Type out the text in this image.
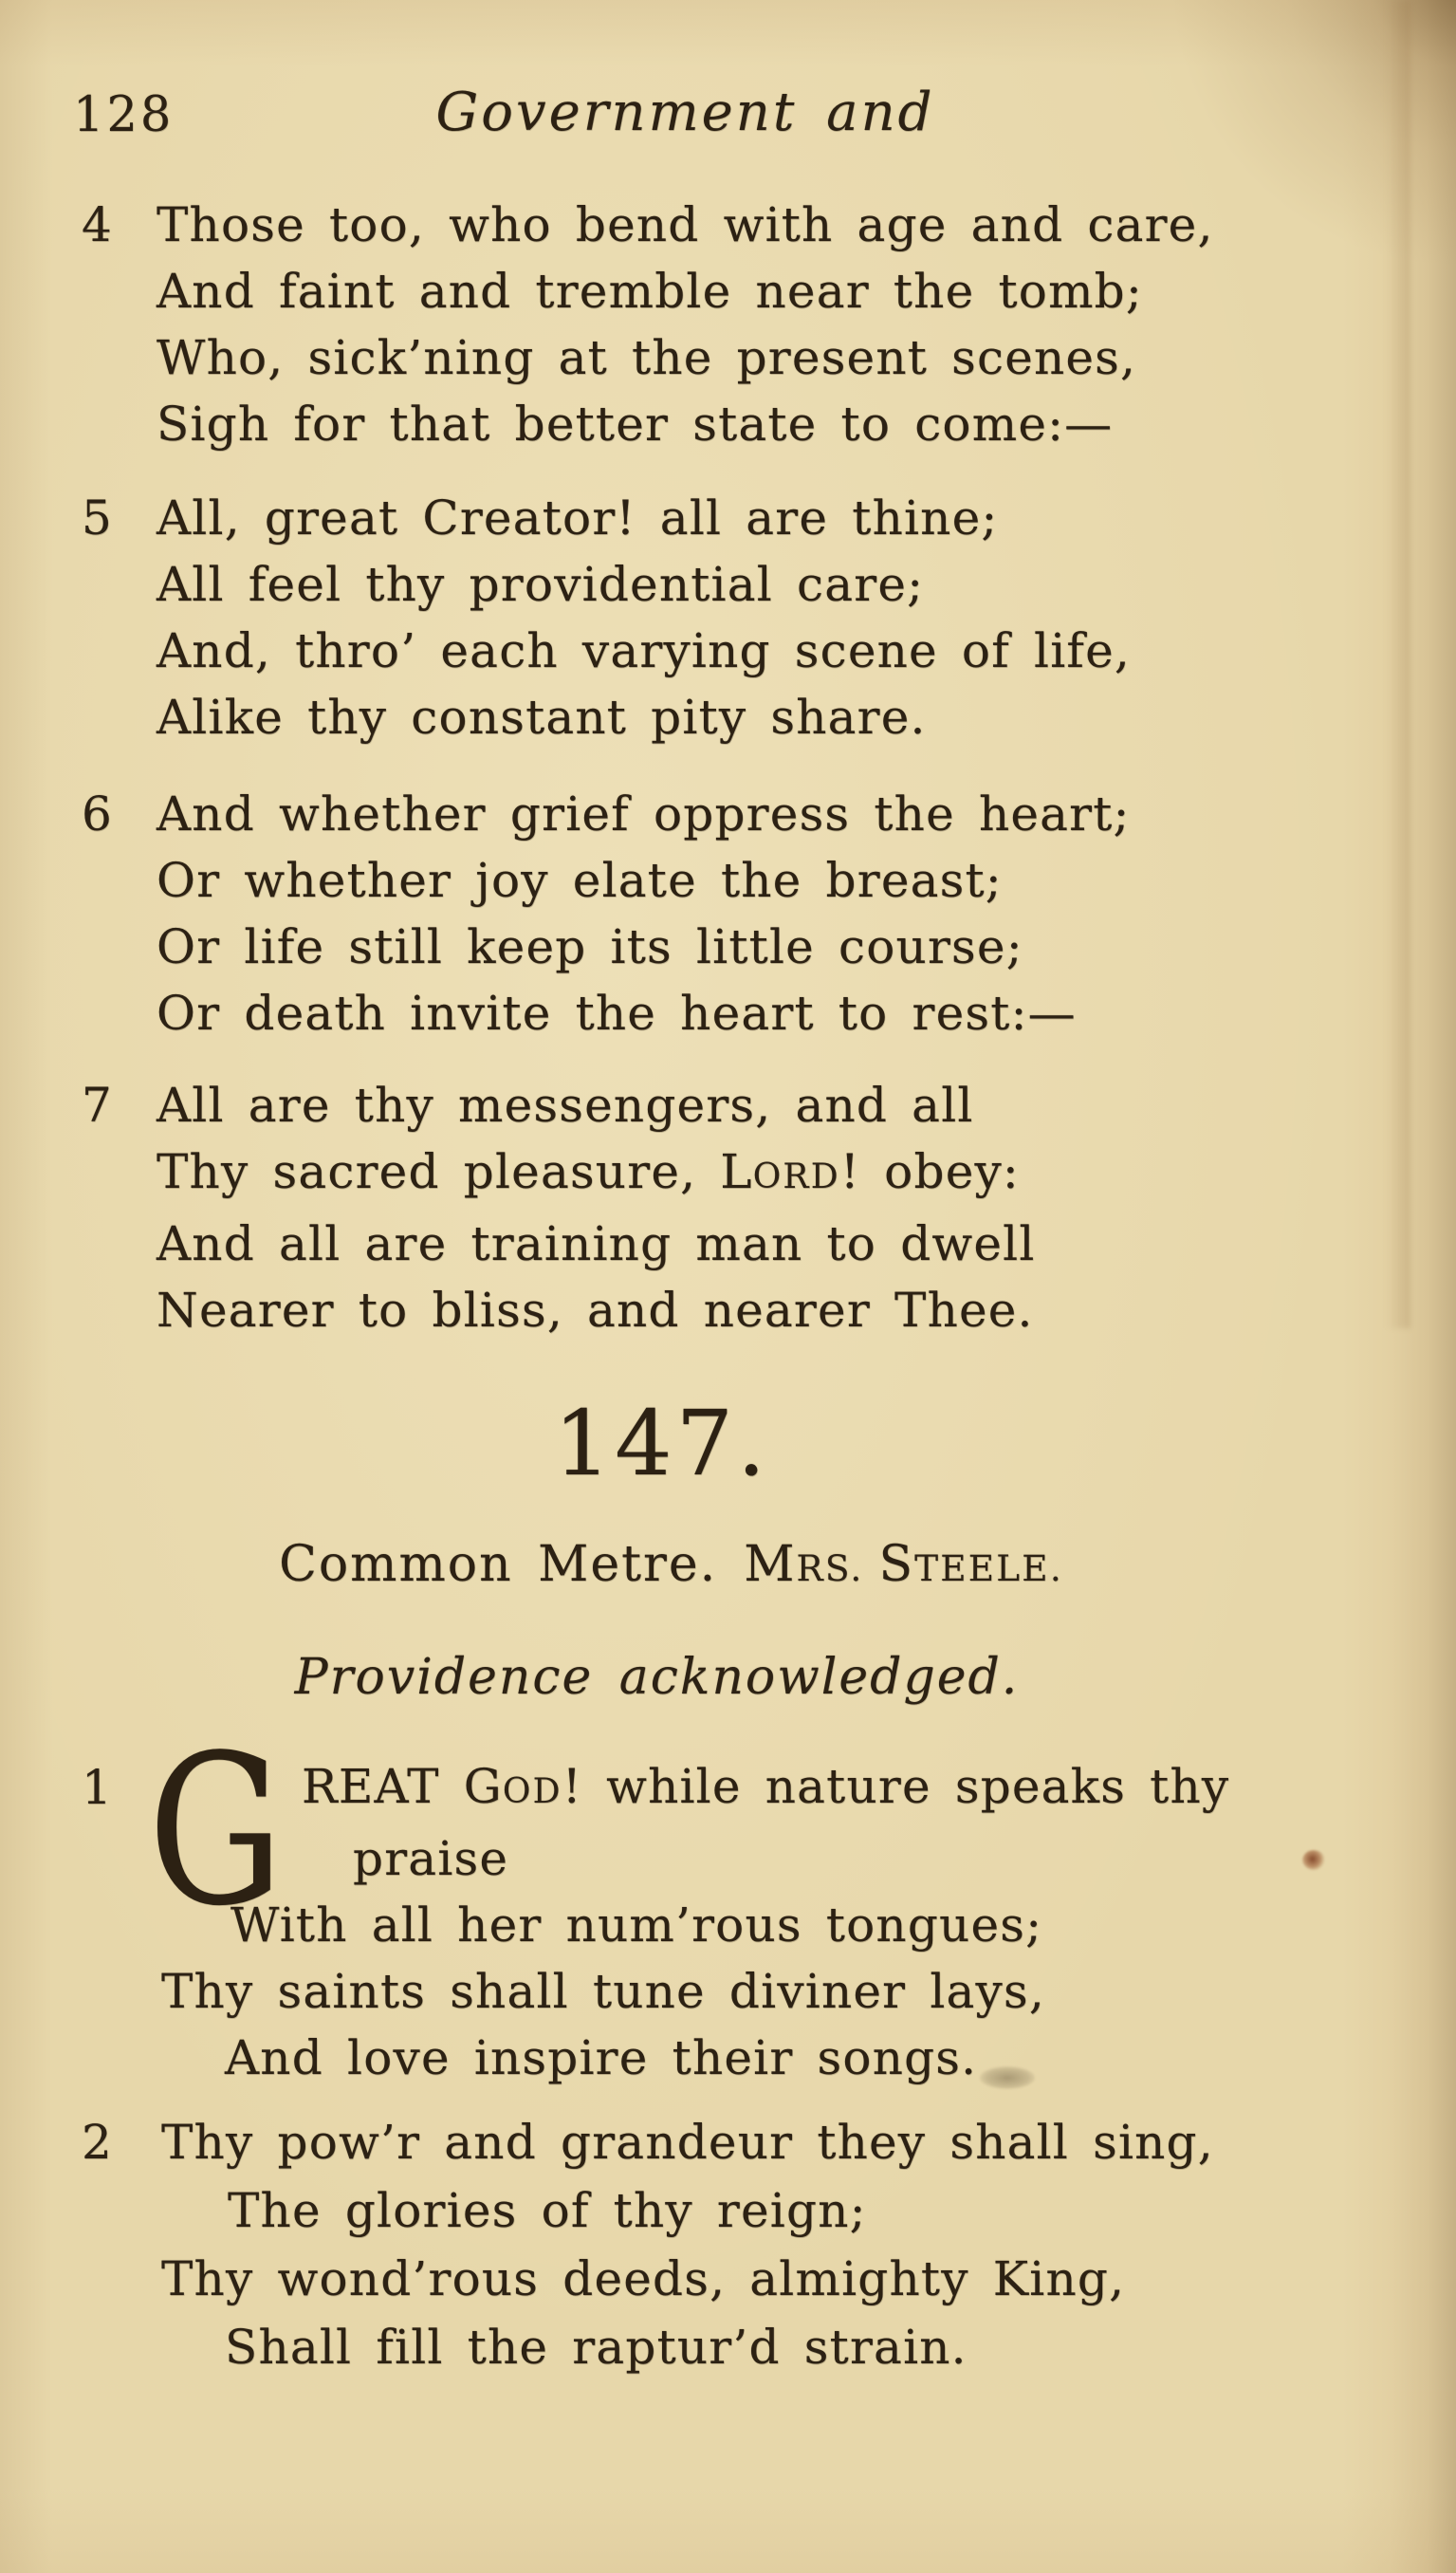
128	Government and
4 Those too, who bend with age and care,

And faint and tremble near the tomb;

Who, sick’ning at the present scenes,

Sigh for that better state to come:—

5 All, great Creator! all are thine;

All feel thy providential care;

And, thro’ each varying scene of life,

Alike thy constant pity share.

6 And whether grief oppress the heart;

Or whether joy elate the breast;

Or life still keep its little course;

Or death invite the heart to rest:—

7 All are thy messengers, and all

Thy sacred pleasure, LORD! obey:

And all are training man to dwell

Nearer to bliss, and nearer Thee.

147.
Common Metre. MRS. STEELE.
Providence acknowledged.
1 G REAT GOD! while nature speaks thy

praise

With all her num’rous tongues;

Thy saints shall tune diviner lays,

And love inspire their songs.

2 Thy pow’r and grandeur they shall sing,

The glories of thy reign;

Thy wond’rous deeds, almighty King,

Shall fill the raptur’d strain.
